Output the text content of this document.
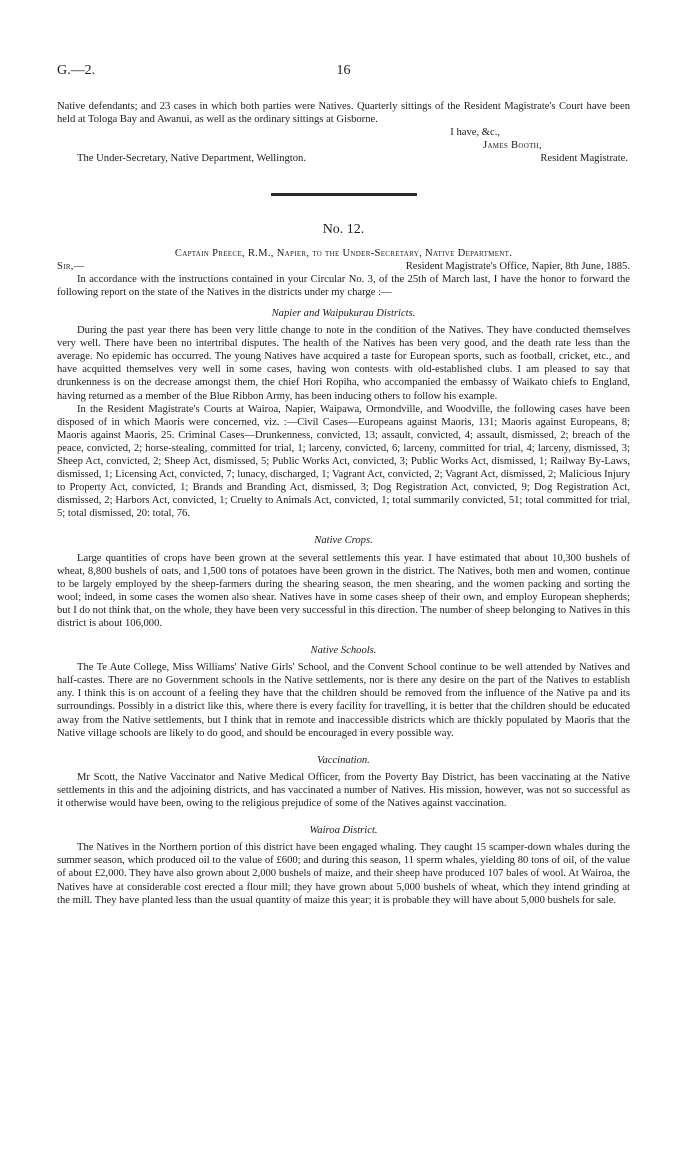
G.—2.	16

Native defendants; and 23 cases in which both parties were Natives. Quarterly sittings of the Resident Magistrate's Court have been held at Tologa Bay and Awanui, as well as the ordinary sittings at Gisborne.

I have, &c.,

James Booth,

The Under-Secretary, Native Department, Wellington.	Resident Magistrate.
No. 12.

Captain Preece, R.M., Napier, to the Under-Secretary, Native Department.

Sir,—	Resident Magistrate's Office, Napier, 8th June, 1885.

In accordance with the instructions contained in your Circular No. 3, of the 25th of March last, I have the honor to forward the following report on the state of the Natives in the districts under my charge :—

Napier and Waipukurau Districts.

During the past year there has been very little change to note in the condition of the Natives. They have conducted themselves very well. There have been no intertribal disputes. The health of the Natives has been very good, and the death rate less than the average. No epidemic has occurred. The young Natives have acquired a taste for European sports, such as football, cricket, etc., and have acquitted themselves very well in some cases, having won contests with old-established clubs. I am pleased to say that drunkenness is on the decrease amongst them, the chief Hori Ropiha, who accompanied the embassy of Waikato chiefs to England, having returned as a member of the Blue Ribbon Army, has been inducing others to follow his example.

In the Resident Magistrate's Courts at Wairoa, Napier, Waipawa, Ormondville, and Woodville, the following cases have been disposed of in which Maoris were concerned, viz. :—Civil Cases—Europeans against Maoris, 131; Maoris against Europeans, 8; Maoris against Maoris, 25. Criminal Cases—Drunkenness, convicted, 13; assault, convicted, 4; assault, dismissed, 2; breach of the peace, convicted, 2; horse-stealing, committed for trial, 1; larceny, convicted, 6; larceny, committed for trial, 4; larceny, dismissed, 3; Sheep Act, convicted, 2; Sheep Act, dismissed, 5; Public Works Act, convicted, 3; Public Works Act, dismissed, 1; Railway By-Laws, dismissed, 1; Licensing Act, convicted, 7; lunacy, discharged, 1; Vagrant Act, convicted, 2; Vagrant Act, dismissed, 2; Malicious Injury to Property Act, convicted, 1; Brands and Branding Act, dismissed, 3; Dog Registration Act, convicted, 9; Dog Registration Act, dismissed, 2; Harbors Act, convicted, 1; Cruelty to Animals Act, convicted, 1; total summarily convicted, 51; total committed for trial, 5; total dismissed, 20: total, 76.

Native Crops.

Large quantities of crops have been grown at the several settlements this year. I have estimated that about 10,300 bushels of wheat, 8,800 bushels of oats, and 1,500 tons of potatoes have been grown in the district. The Natives, both men and women, continue to be largely employed by the sheep-farmers during the shearing season, the men shearing, and the women packing and sorting the wool; indeed, in some cases the women also shear. Natives have in some cases sheep of their own, and employ European shepherds; but I do not think that, on the whole, they have been very successful in this direction. The number of sheep belonging to Natives in this district is about 106,000.

Native Schools.

The Te Aute College, Miss Williams' Native Girls' School, and the Convent School continue to be well attended by Natives and half-castes. There are no Government schools in the Native settlements, nor is there any desire on the part of the Natives to establish any. I think this is on account of a feeling they have that the children should be removed from the influence of the Native pa and its surroundings. Possibly in a district like this, where there is every facility for travelling, it is better that the children should be educated away from the Native settlements, but I think that in remote and inaccessible districts which are thickly populated by Maoris that the Native village schools are likely to do good, and should be encouraged in every possible way.

Vaccination.

Mr Scott, the Native Vaccinator and Native Medical Officer, from the Poverty Bay District, has been vaccinating at the Native settlements in this and the adjoining districts, and has vaccinated a number of Natives. His mission, however, was not so successful as it otherwise would have been, owing to the religious prejudice of some of the Natives against vaccination.

Wairoa District.

The Natives in the Northern portion of this district have been engaged whaling. They caught 15 scamper-down whales during the summer season, which produced oil to the value of £600; and during this season, 11 sperm whales, yielding 80 tons of oil, of the value of about £2,000. They have also grown about 2,000 bushels of maize, and their sheep have produced 107 bales of wool. At Wairoa, the Natives have at considerable cost erected a flour mill; they have grown about 5,000 bushels of wheat, which they intend grinding at the mill. They have planted less than the usual quantity of maize this year; it is probable they will have about 5,000 bushels for sale.
